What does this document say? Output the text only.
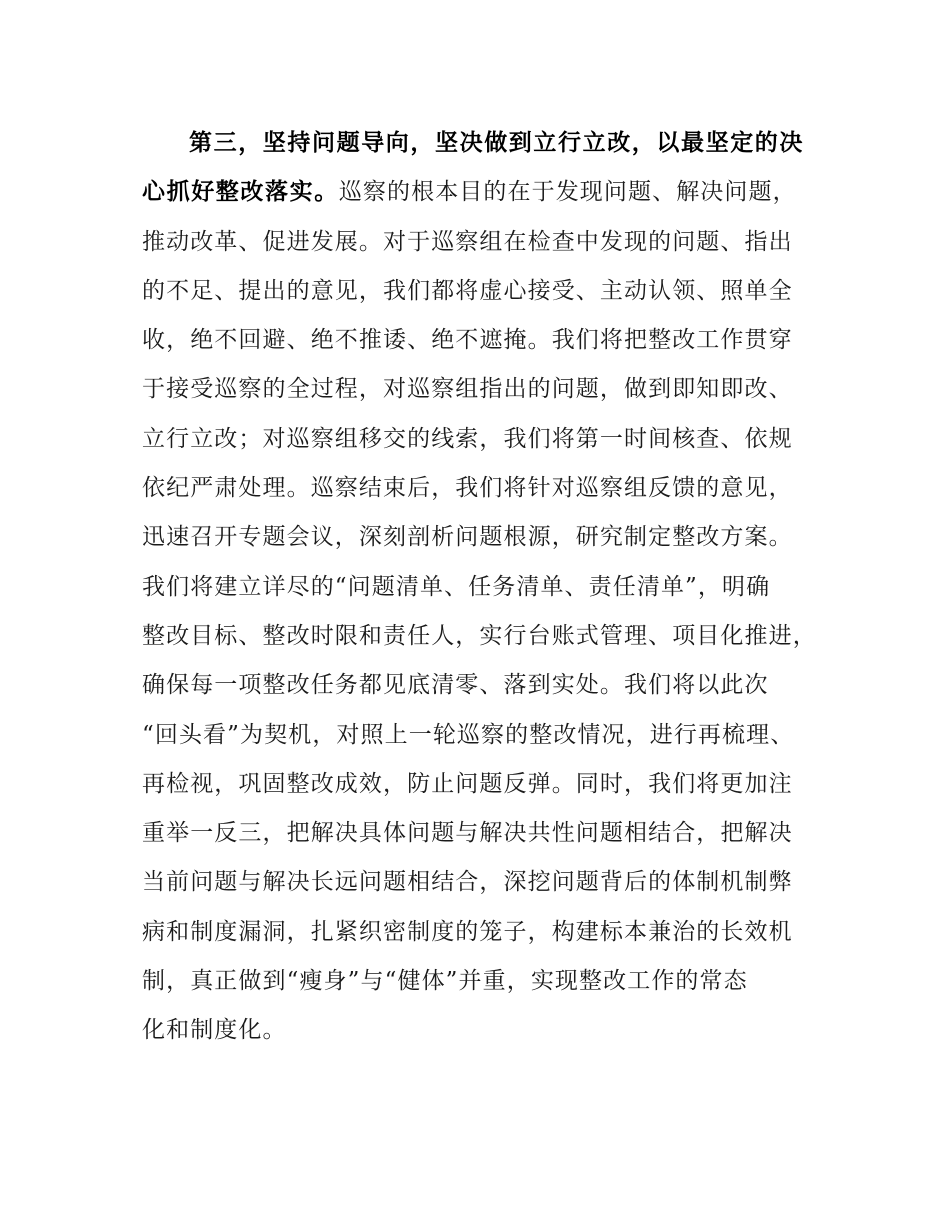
第三，坚持问题导向，坚决做到立行立改，以最坚定的决
心抓好整改落实。巡察的根本目的在于发现问题、解决问题，
推动改革、促进发展。对于巡察组在检查中发现的问题、指出
的不足、提出的意见，我们都将虚心接受、主动认领、照单全
收，绝不回避、绝不推诿、绝不遮掩。我们将把整改工作贯穿
于接受巡察的全过程，对巡察组指出的问题，做到即知即改、
立行立改；对巡察组移交的线索，我们将第一时间核查、依规
依纪严肃处理。巡察结束后，我们将针对巡察组反馈的意见，
迅速召开专题会议，深刻剖析问题根源，研究制定整改方案。
我们将建立详尽的“问题清单、任务清单、责任清单”，明确
整改目标、整改时限和责任人，实行台账式管理、项目化推进，
确保每一项整改任务都见底清零、落到实处。我们将以此次
“回头看”为契机，对照上一轮巡察的整改情况，进行再梳理、
再检视，巩固整改成效，防止问题反弹。同时，我们将更加注
重举一反三，把解决具体问题与解决共性问题相结合，把解决
当前问题与解决长远问题相结合，深挖问题背后的体制机制弊
病和制度漏洞，扎紧织密制度的笼子，构建标本兼治的长效机
制，真正做到“瘦身”与“健体”并重，实现整改工作的常态
化和制度化。
